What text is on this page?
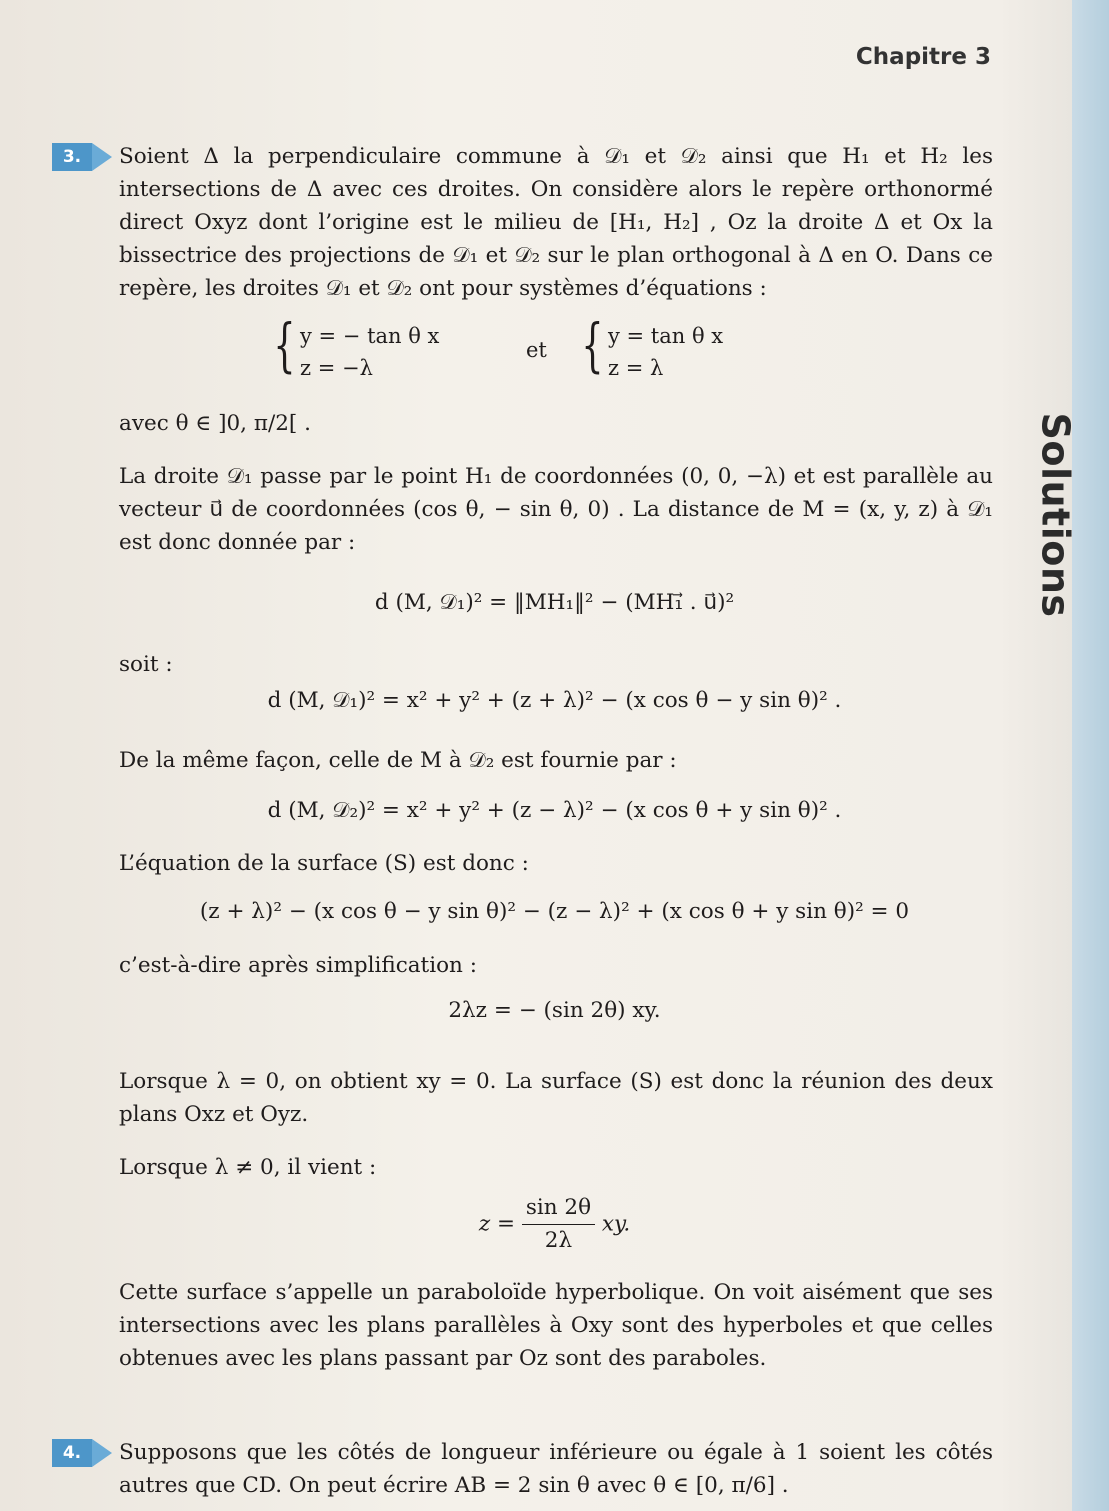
Solutions
Chapitre 3
3.	Soient Δ la perpendiculaire commune à 𝒟₁ et 𝒟₂ ainsi que H₁ et H₂ les intersections de Δ avec ces droites. On considère alors le repère orthonormé direct Oxyz dont l’origine est le milieu de [H₁, H₂] , Oz la droite Δ et Ox la bissectrice des projections de 𝒟₁ et 𝒟₂ sur le plan orthogonal à Δ en O. Dans ce repère, les droites 𝒟₁ et 𝒟₂ ont pour systèmes d’équations :

{ y = − tan θ x
z = −λ
et { y = tan θ x
z = λ

avec θ ∈ ]0, π/2[ .

La droite 𝒟₁ passe par le point H₁ de coordonnées (0, 0, −λ) et est parallèle au vecteur u⃗ de coordonnées (cos θ, − sin θ, 0) . La distance de M = (x, y, z) à 𝒟₁ est donc donnée par :

d (M, 𝒟₁)² = ‖MH₁‖² − (MH₁⃗ . u⃗)²

soit :

d (M, 𝒟₁)² = x² + y² + (z + λ)² − (x cos θ − y sin θ)² .

De la même façon, celle de M à 𝒟₂ est fournie par :

d (M, 𝒟₂)² = x² + y² + (z − λ)² − (x cos θ + y sin θ)² .

L’équation de la surface (S) est donc :

(z + λ)² − (x cos θ − y sin θ)² − (z − λ)² + (x cos θ + y sin θ)² = 0

c’est-à-dire après simplification :

2λz = − (sin 2θ) xy.

Lorsque λ = 0, on obtient xy = 0. La surface (S) est donc la réunion des deux plans Oxz et Oyz.

Lorsque λ ≠ 0, il vient :

$z = \frac{\sin 2\theta}{2\lambda}$ xy.

Cette surface s’appelle un paraboloïde hyperbolique. On voit aisément que ses intersections avec les plans parallèles à Oxy sont des hyperboles et que celles obtenues avec les plans passant par Oz sont des paraboles.

4.	Supposons que les côtés de longueur inférieure ou égale à 1 soient les côtés autres que CD. On peut écrire AB = 2 sin θ avec θ ∈ [0, π/6] .
